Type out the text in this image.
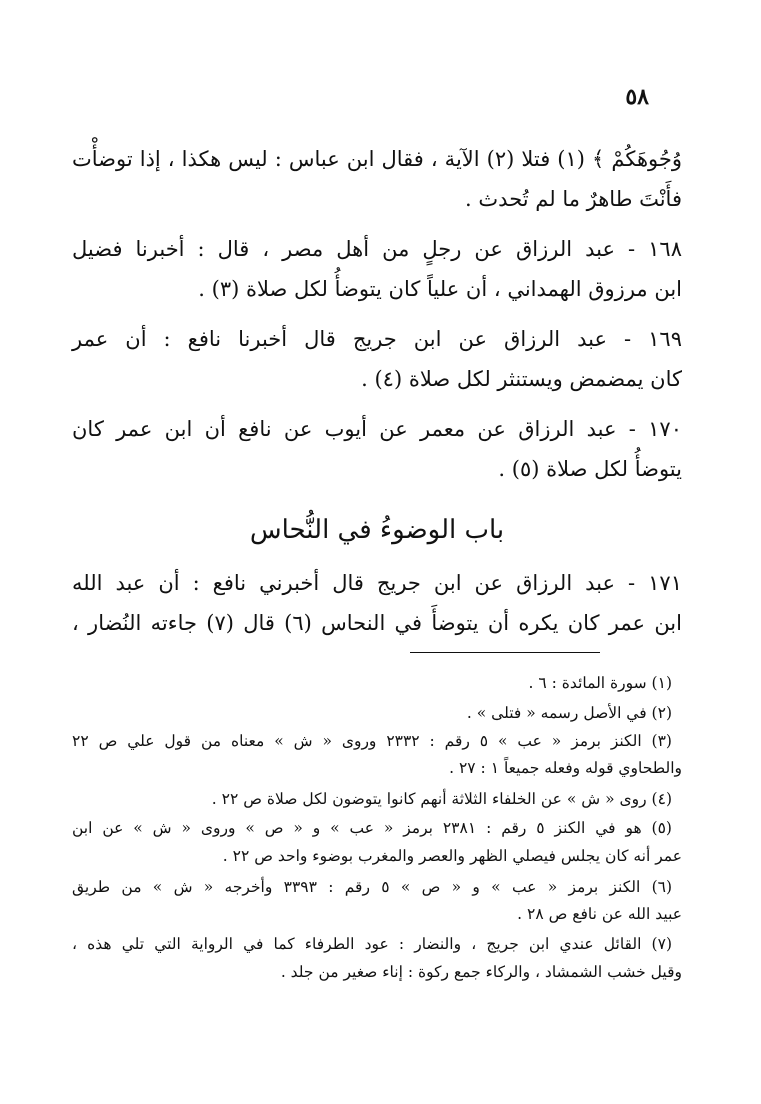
٥٨
وُجُوهَكُمْ ﴾ (١) فتلا (٢) الآية ، فقال ابن عباس : ليس هكذا ، إذا توضأْت
فأَنْتَ طاهرٌ ما لم تُحدث .
١٦٨ - عبد الرزاق عن رجلٍ من أهل مصر ، قال : أخبرنا فضيل
ابن مرزوق الهمداني ، أن علياً كان يتوضأُ لكل صلاة (٣) .
١٦٩ - عبد الرزاق عن ابن جريج قال أخبرنا نافع : أن عمر
كان يمضمض ويستنثر لكل صلاة (٤) .
١٧٠ - عبد الرزاق عن معمر عن أيوب عن نافع أن ابن عمر كان
يتوضأُ لكل صلاة (٥) .
باب الوضوءُ في النُّحاس
١٧١ - عبد الرزاق عن ابن جريج قال أخبرني نافع : أن عبد الله
ابن عمر كان يكره أن يتوضأَ في النحاس (٦) قال (٧) جاءته النُضار ،
(١) سورة المائدة : ٦ .
(٢) في الأصل رسمه « فتلى » .
(٣) الكنز برمز « عب » ٥ رقم : ٢٣٣٢ وروى « ش » معناه من قول علي ص ٢٢
والطحاوي قوله وفعله جميعاً ١ : ٢٧ .
(٤) روى « ش » عن الخلفاء الثلاثة أنهم كانوا يتوضون لكل صلاة ص ٢٢ .
(٥) هو في الكنز ٥ رقم : ٢٣٨١ برمز « عب » و « ص » وروى « ش » عن ابن
عمر أنه كان يجلس فيصلي الظهر والعصر والمغرب بوضوء واحد ص ٢٢ .
(٦) الكنز برمز « عب » و « ص » ٥ رقم : ٣٣٩٣ وأخرجه « ش » من طريق
عبيد الله عن نافع ص ٢٨ .
(٧) القائل عندي ابن جريج ، والنضار : عود الطرفاء كما في الرواية التي تلي هذه ،
وقيل خشب الشمشاد ، والركاء جمع ركوة : إناء صغير من جلد .
